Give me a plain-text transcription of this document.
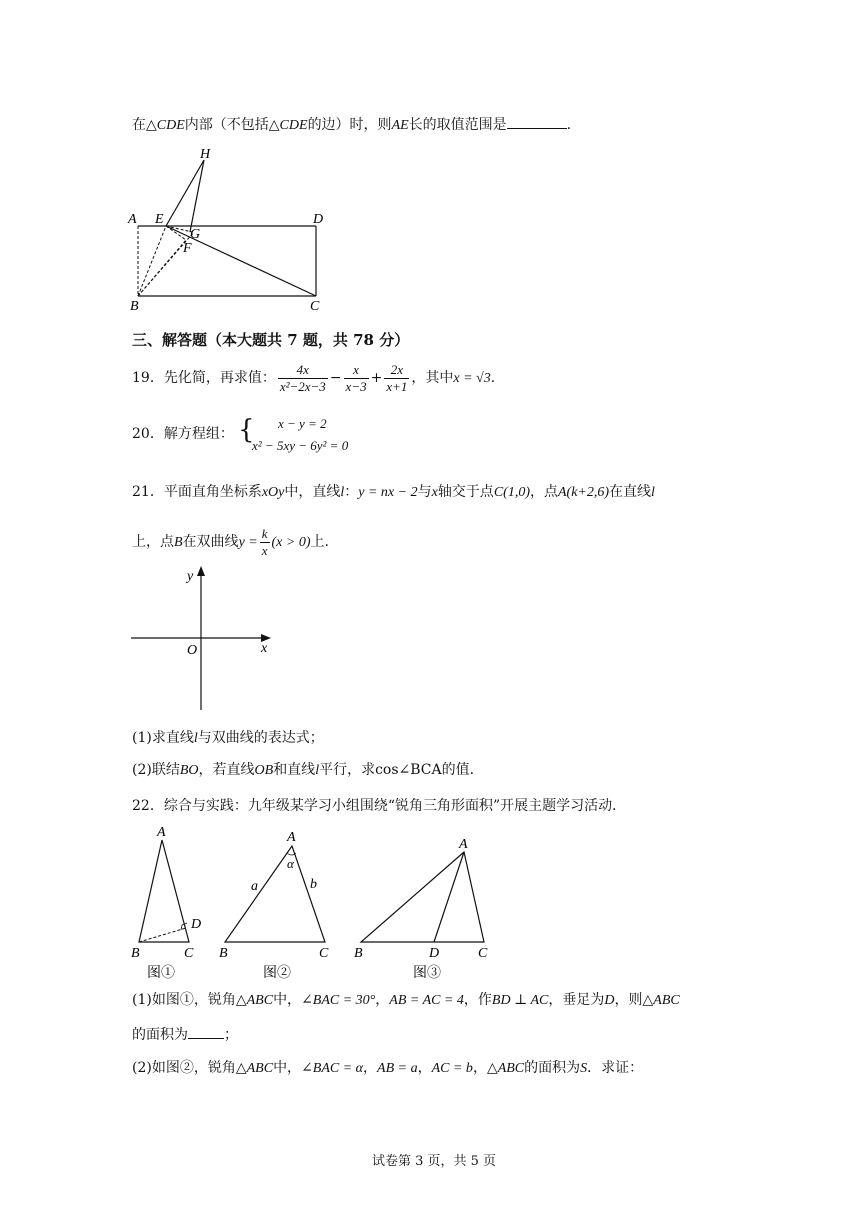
在△CDE内部（不包括△CDE的边）时，则AE长的取值范围是	.
H
A E	D
G
F
B	C
三、解答题（本大题共 7 题，共 78 分）
19．先化简，再求值： $\frac{4x}{\text{x²−2x−3}} - \frac{x}{x-3} + \frac{2x}{x+1}$ ，其中x = √3.
20．解方程组： { x − y = 2
x² − 5xy − 6y² = 0
21．平面直角坐标系xOy中，直线l：y = nx − 2与x轴交于点C(1,0)，点A(k+2,6)在直线l
上，点B在双曲线$y = \frac{k}{x} (x > 0)$上.
y
x
O
(1)求直线l与双曲线的表达式；
(2)联结BO，若直线OB和直线l平行，求cos∠BCA的值.
22．综合与实践：九年级某学习小组围绕“锐角三角形面积”开展主题学习活动．
A
B	C
D
图①
A
α
a	b
B	C
图②
A
B	D	C
图③
(1)如图①，锐角△ABC中，∠BAC = 30°，AB = AC = 4，作BD ⊥ AC，垂足为D，则△ABC
的面积为	；
(2)如图②，锐角△ABC中，∠BAC = α，AB = a，AC = b，△ABC的面积为S．求证：
试卷第 3 页，共 5 页
